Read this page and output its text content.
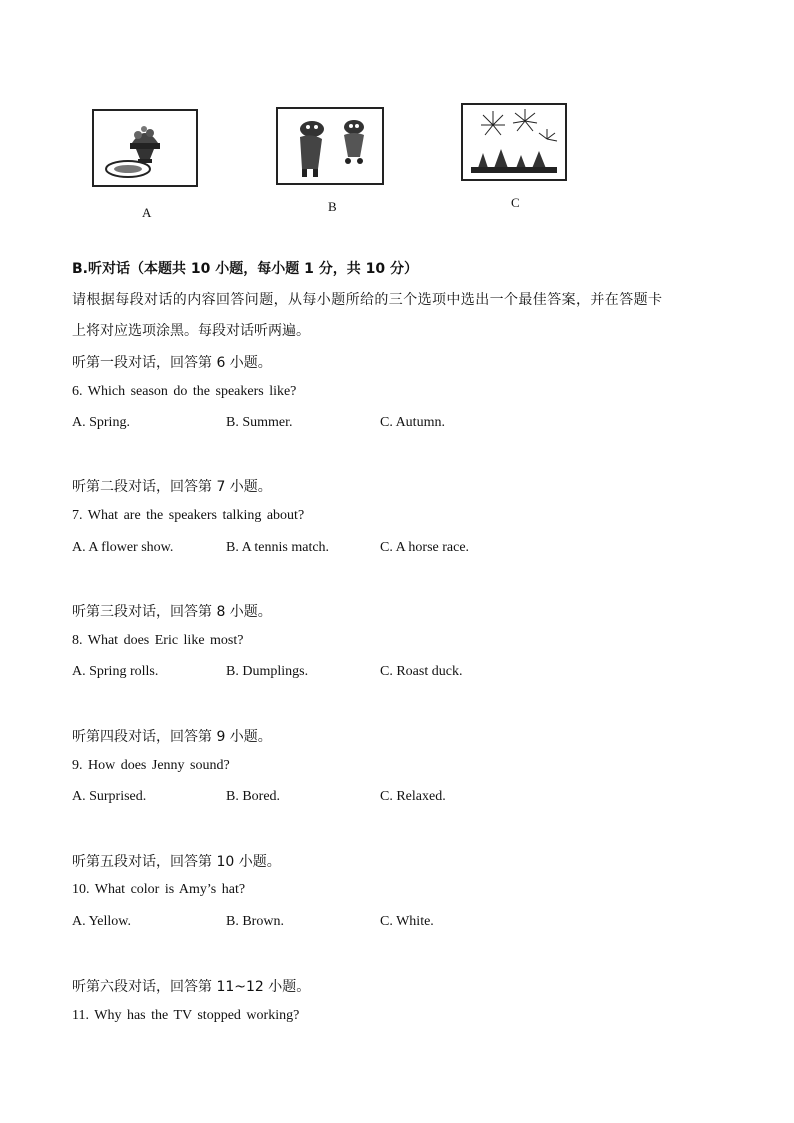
A	B	C
B.听对话（本题共 10 小题，每小题 1 分，共 10 分）
请根据每段对话的内容回答问题，从每小题所给的三个选项中选出一个最佳答案，并在答题卡
上将对应选项涂黑。每段对话听两遍。
听第一段对话，回答第 6 小题。
6. Which season do the speakers like?
A. Spring.	B. Summer.	C. Autumn.
听第二段对话，回答第 7 小题。
7. What are the speakers talking about?
A. A flower show.	B. A tennis match.	C. A horse race.
听第三段对话，回答第 8 小题。
8. What does Eric like most?
A. Spring rolls.	B. Dumplings.	C. Roast duck.
听第四段对话，回答第 9 小题。
9. How does Jenny sound?
A. Surprised.	B. Bored.	C. Relaxed.
听第五段对话，回答第 10 小题。
10. What color is Amy’s hat?
A. Yellow.	B. Brown.	C. White.
听第六段对话，回答第 11~12 小题。
11. Why has the TV stopped working?
